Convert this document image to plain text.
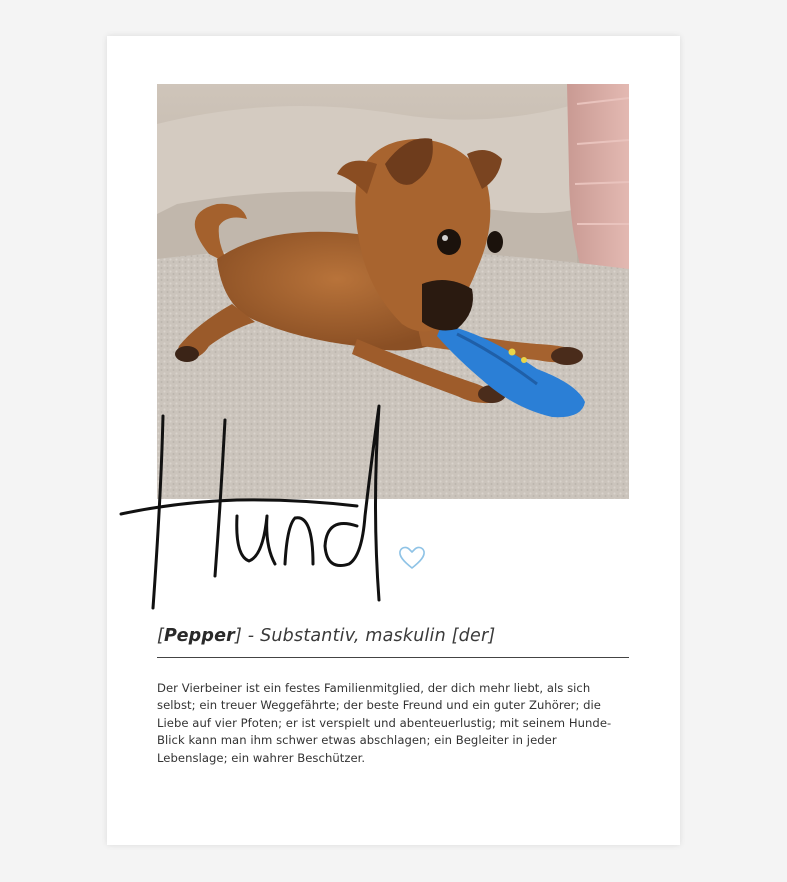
Hund
[Pepper] - Substantiv, maskulin [der]
Der Vierbeiner ist ein festes Familienmitglied, der dich mehr liebt, als sich selbst; ein treuer Weggefährte; der beste Freund und ein guter Zuhörer; die Liebe auf vier Pfoten; er ist verspielt und abenteuerlustig; mit seinem Hunde-Blick kann man ihm schwer etwas abschlagen; ein Begleiter in jeder Lebenslage; ein wahrer Beschützer.
